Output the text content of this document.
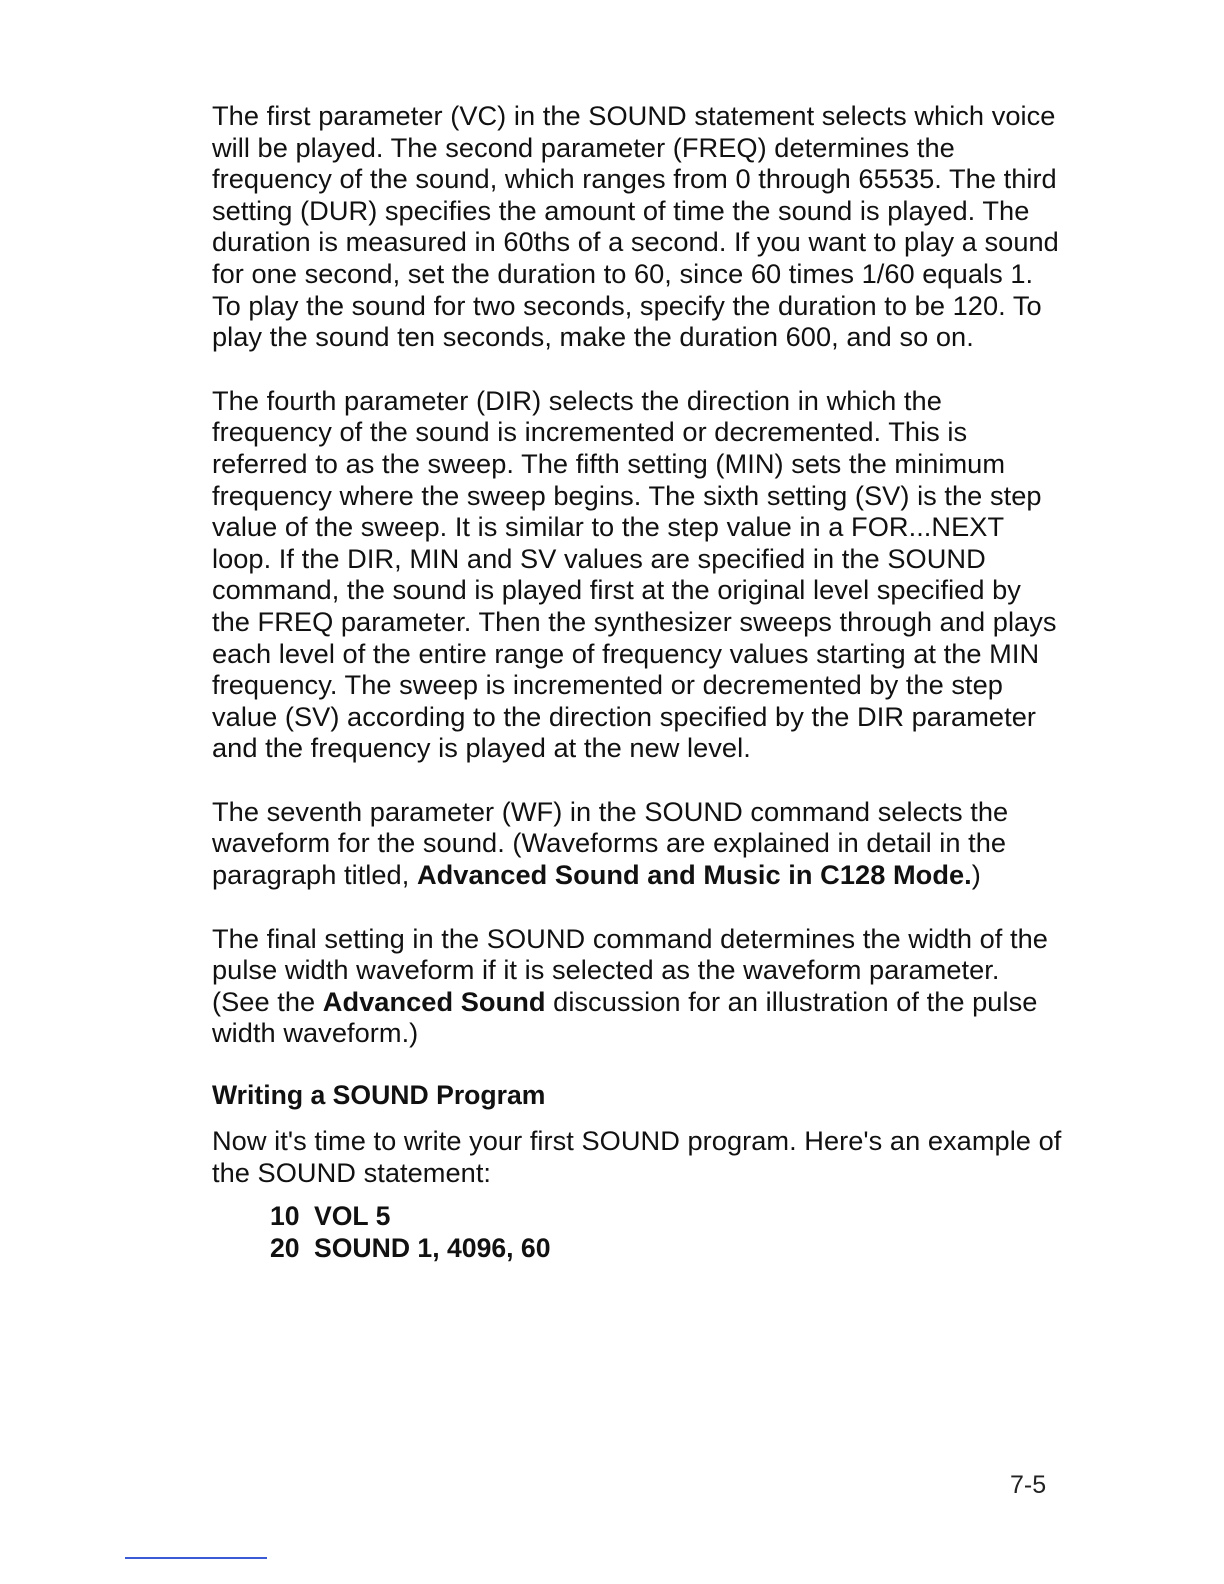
The first parameter (VC) in the SOUND statement selects which voice will be played. The second parameter (FREQ) determines the frequency of the sound, which ranges from 0 through 65535. The third setting (DUR) specifies the amount of time the sound is played. The duration is measured in 60ths of a second. If you want to play a sound for one second, set the duration to 60, since 60 times 1/60 equals 1. To play the sound for two seconds, specify the duration to be 120. To play the sound ten seconds, make the duration 600, and so on.

The fourth parameter (DIR) selects the direction in which the frequency of the sound is incremented or decremented. This is referred to as the sweep. The fifth setting (MIN) sets the minimum frequency where the sweep begins. The sixth setting (SV) is the step value of the sweep. It is similar to the step value in a FOR...NEXT loop. If the DIR, MIN and SV values are specified in the SOUND command, the sound is played first at the original level specified by the FREQ parameter. Then the synthesizer sweeps through and plays each level of the entire range of frequency values starting at the MIN frequency. The sweep is incremented or decremented by the step value (SV) according to the direction specified by the DIR parameter and the frequency is played at the new level.

The seventh parameter (WF) in the SOUND command selects the waveform for the sound. (Waveforms are explained in detail in the paragraph titled, Advanced Sound and Music in C128 Mode.)

The final setting in the SOUND command determines the width of the pulse width waveform if it is selected as the waveform parameter. (See the Advanced Sound discussion for an illustration of the pulse width waveform.)

Writing a SOUND Program

Now it's time to write your first SOUND program. Here's an example of the SOUND statement:

10 VOL 5
20 SOUND 1, 4096, 60
7-5
